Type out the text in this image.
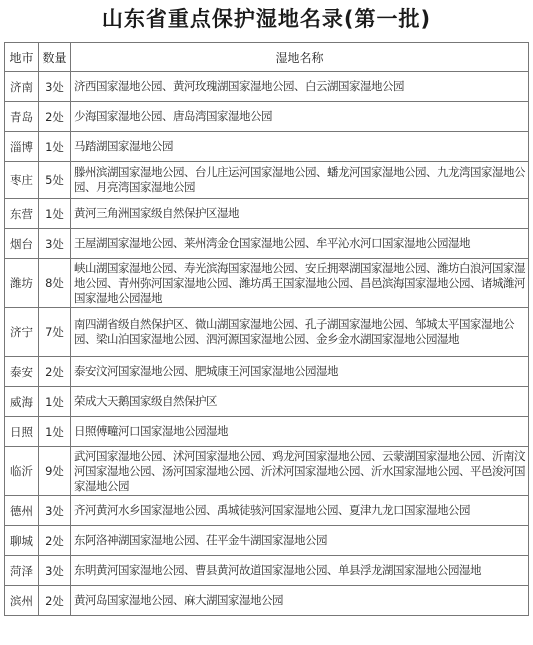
山东省重点保护湿地名录(第一批)
地市	数量	湿地名称
济南	3处	济西国家湿地公园、黄河玫瑰湖国家湿地公园、白云湖国家湿地公园
青岛	2处	少海国家湿地公园、唐岛湾国家湿地公园
淄博	1处	马踏湖国家湿地公园
枣庄	5处	滕州滨湖国家湿地公园、台儿庄运河国家湿地公园、蟠龙河国家湿地公园、九龙湾国家湿地公园、月亮湾国家湿地公园
东营	1处	黄河三角洲国家级自然保护区湿地
烟台	3处	王屋湖国家湿地公园、莱州湾金仓国家湿地公园、牟平沁水河口国家湿地公园湿地
潍坊	8处	峡山湖国家湿地公园、寿光滨海国家湿地公园、安丘拥翠湖国家湿地公园、潍坊白浪河国家湿地公园、青州弥河国家湿地公园、潍坊禹王国家湿地公园、昌邑滨海国家湿地公园、诸城潍河国家湿地公园湿地
济宁	7处	南四湖省级自然保护区、微山湖国家湿地公园、孔子湖国家湿地公园、邹城太平国家湿地公园、梁山泊国家湿地公园、泗河源国家湿地公园、金乡金水湖国家湿地公园湿地
泰安	2处	泰安汶河国家湿地公园、肥城康王河国家湿地公园湿地
威海	1处	荣成大天鹅国家级自然保护区
日照	1处	日照傅疃河口国家湿地公园湿地
临沂	9处	武河国家湿地公园、沭河国家湿地公园、鸡龙河国家湿地公园、云蒙湖国家湿地公园、沂南汶河国家湿地公园、汤河国家湿地公园、沂沭河国家湿地公园、沂水国家湿地公园、平邑浚河国家湿地公园
德州	3处	齐河黄河水乡国家湿地公园、禹城徒骇河国家湿地公园、夏津九龙口国家湿地公园
聊城	2处	东阿洛神湖国家湿地公园、茌平金牛湖国家湿地公园
菏泽	3处	东明黄河国家湿地公园、曹县黄河故道国家湿地公园、单县浮龙湖国家湿地公园湿地
滨州	2处	黄河岛国家湿地公园、麻大湖国家湿地公园
